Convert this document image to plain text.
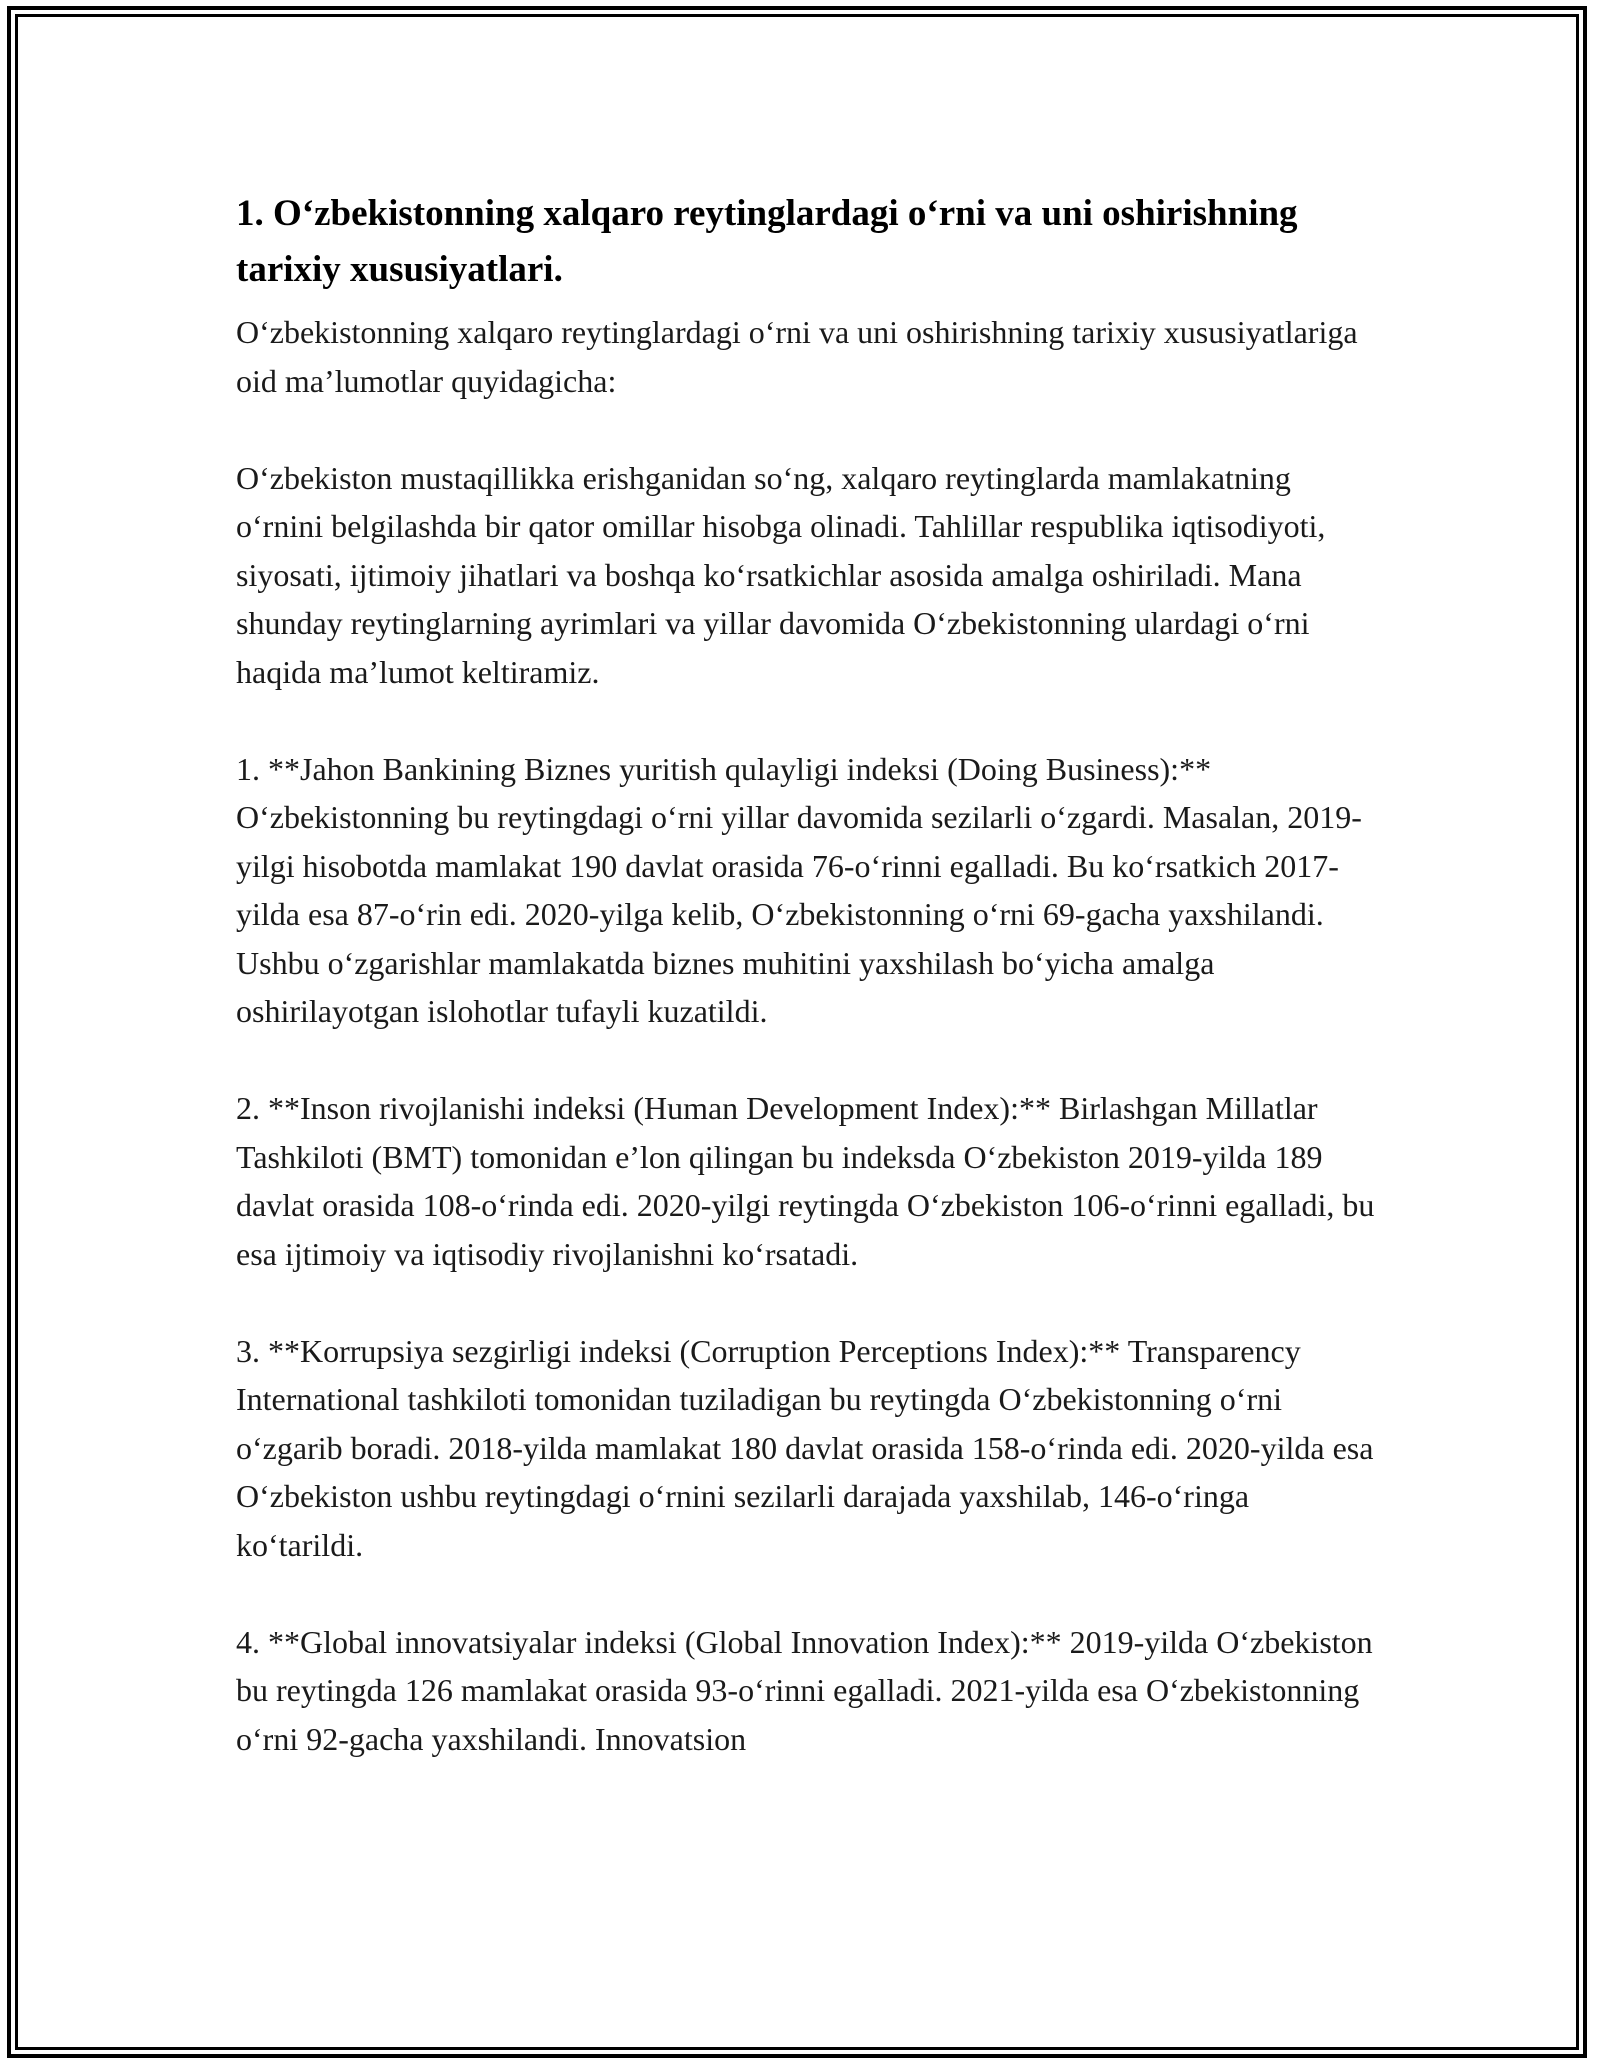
1. O‘zbekistonning xalqaro reytinglardagi o‘rni va uni oshirishning tarixiy xususiyatlari.

O‘zbekistonning xalqaro reytinglardagi o‘rni va uni oshirishning tarixiy xususiyatlariga oid ma’lumotlar quyidagicha:

O‘zbekiston mustaqillikka erishganidan so‘ng, xalqaro reytinglarda mamlakatning o‘rnini belgilashda bir qator omillar hisobga olinadi. Tahlillar respublika iqtisodiyoti, siyosati, ijtimoiy jihatlari va boshqa ko‘rsatkichlar asosida amalga oshiriladi. Mana shunday reytinglarning ayrimlari va yillar davomida O‘zbekistonning ulardagi o‘rni haqida ma’lumot keltiramiz.

1. **Jahon Bankining Biznes yuritish qulayligi indeksi (Doing Business):** O‘zbekistonning bu reytingdagi o‘rni yillar davomida sezilarli o‘zgardi. Masalan, 2019-yilgi hisobotda mamlakat 190 davlat orasida 76-o‘rinni egalladi. Bu ko‘rsatkich 2017-yilda esa 87-o‘rin edi. 2020-yilga kelib, O‘zbekistonning o‘rni 69-gacha yaxshilandi. Ushbu o‘zgarishlar mamlakatda biznes muhitini yaxshilash bo‘yicha amalga oshirilayotgan islohotlar tufayli kuzatildi.

2. **Inson rivojlanishi indeksi (Human Development Index):** Birlashgan Millatlar Tashkiloti (BMT) tomonidan e’lon qilingan bu indeksda O‘zbekiston 2019-yilda 189 davlat orasida 108-o‘rinda edi. 2020-yilgi reytingda O‘zbekiston 106-o‘rinni egalladi, bu esa ijtimoiy va iqtisodiy rivojlanishni ko‘rsatadi.

3. **Korrupsiya sezgirligi indeksi (Corruption Perceptions Index):** Transparency International tashkiloti tomonidan tuziladigan bu reytingda O‘zbekistonning o‘rni o‘zgarib boradi. 2018-yilda mamlakat 180 davlat orasida 158-o‘rinda edi. 2020-yilda esa O‘zbekiston ushbu reytingdagi o‘rnini sezilarli darajada yaxshilab, 146-o‘ringa ko‘tarildi.

4. **Global innovatsiyalar indeksi (Global Innovation Index):** 2019-yilda O‘zbekiston bu reytingda 126 mamlakat orasida 93-o‘rinni egalladi. 2021-yilda esa O‘zbekistonning o‘rni 92-gacha yaxshilandi. Innovatsion
